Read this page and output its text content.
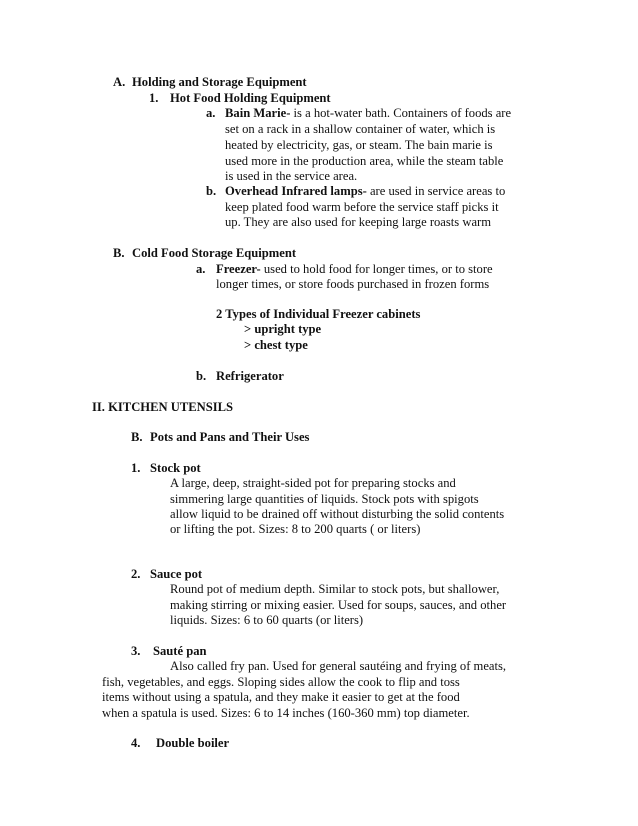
A. Holding and Storage Equipment
1. Hot Food Holding Equipment
a. Bain Marie- is a hot-water bath. Containers of foods are
set on a rack in a shallow container of water, which is
heated by electricity, gas, or steam. The bain marie is
used more in the production area, while the steam table
is used in the service area.
b. Overhead Infrared lamps- are used in service areas to
keep plated food warm before the service staff picks it
up. They are also used for keeping large roasts warm
B. Cold Food Storage Equipment
a. Freezer- used to hold food for longer times, or to store
longer times, or store foods purchased in frozen forms
2 Types of Individual Freezer cabinets
> upright type
> chest type
b. Refrigerator
II. KITCHEN UTENSILS
B. Pots and Pans and Their Uses
1. Stock pot
A large, deep, straight-sided pot for preparing stocks and
simmering large quantities of liquids. Stock pots with spigots
allow liquid to be drained off without disturbing the solid contents
or lifting the pot. Sizes: 8 to 200 quarts ( or liters)
2. Sauce pot
Round pot of medium depth. Similar to stock pots, but shallower,
making stirring or mixing easier. Used for soups, sauces, and other
liquids. Sizes: 6 to 60 quarts (or liters)
3. Sauté pan
Also called fry pan. Used for general sautéing and frying of meats,
fish, vegetables, and eggs. Sloping sides allow the cook to flip and toss
items without using a spatula, and they make it easier to get at the food
when a spatula is used. Sizes: 6 to 14 inches (160-360 mm) top diameter.
4. Double boiler
